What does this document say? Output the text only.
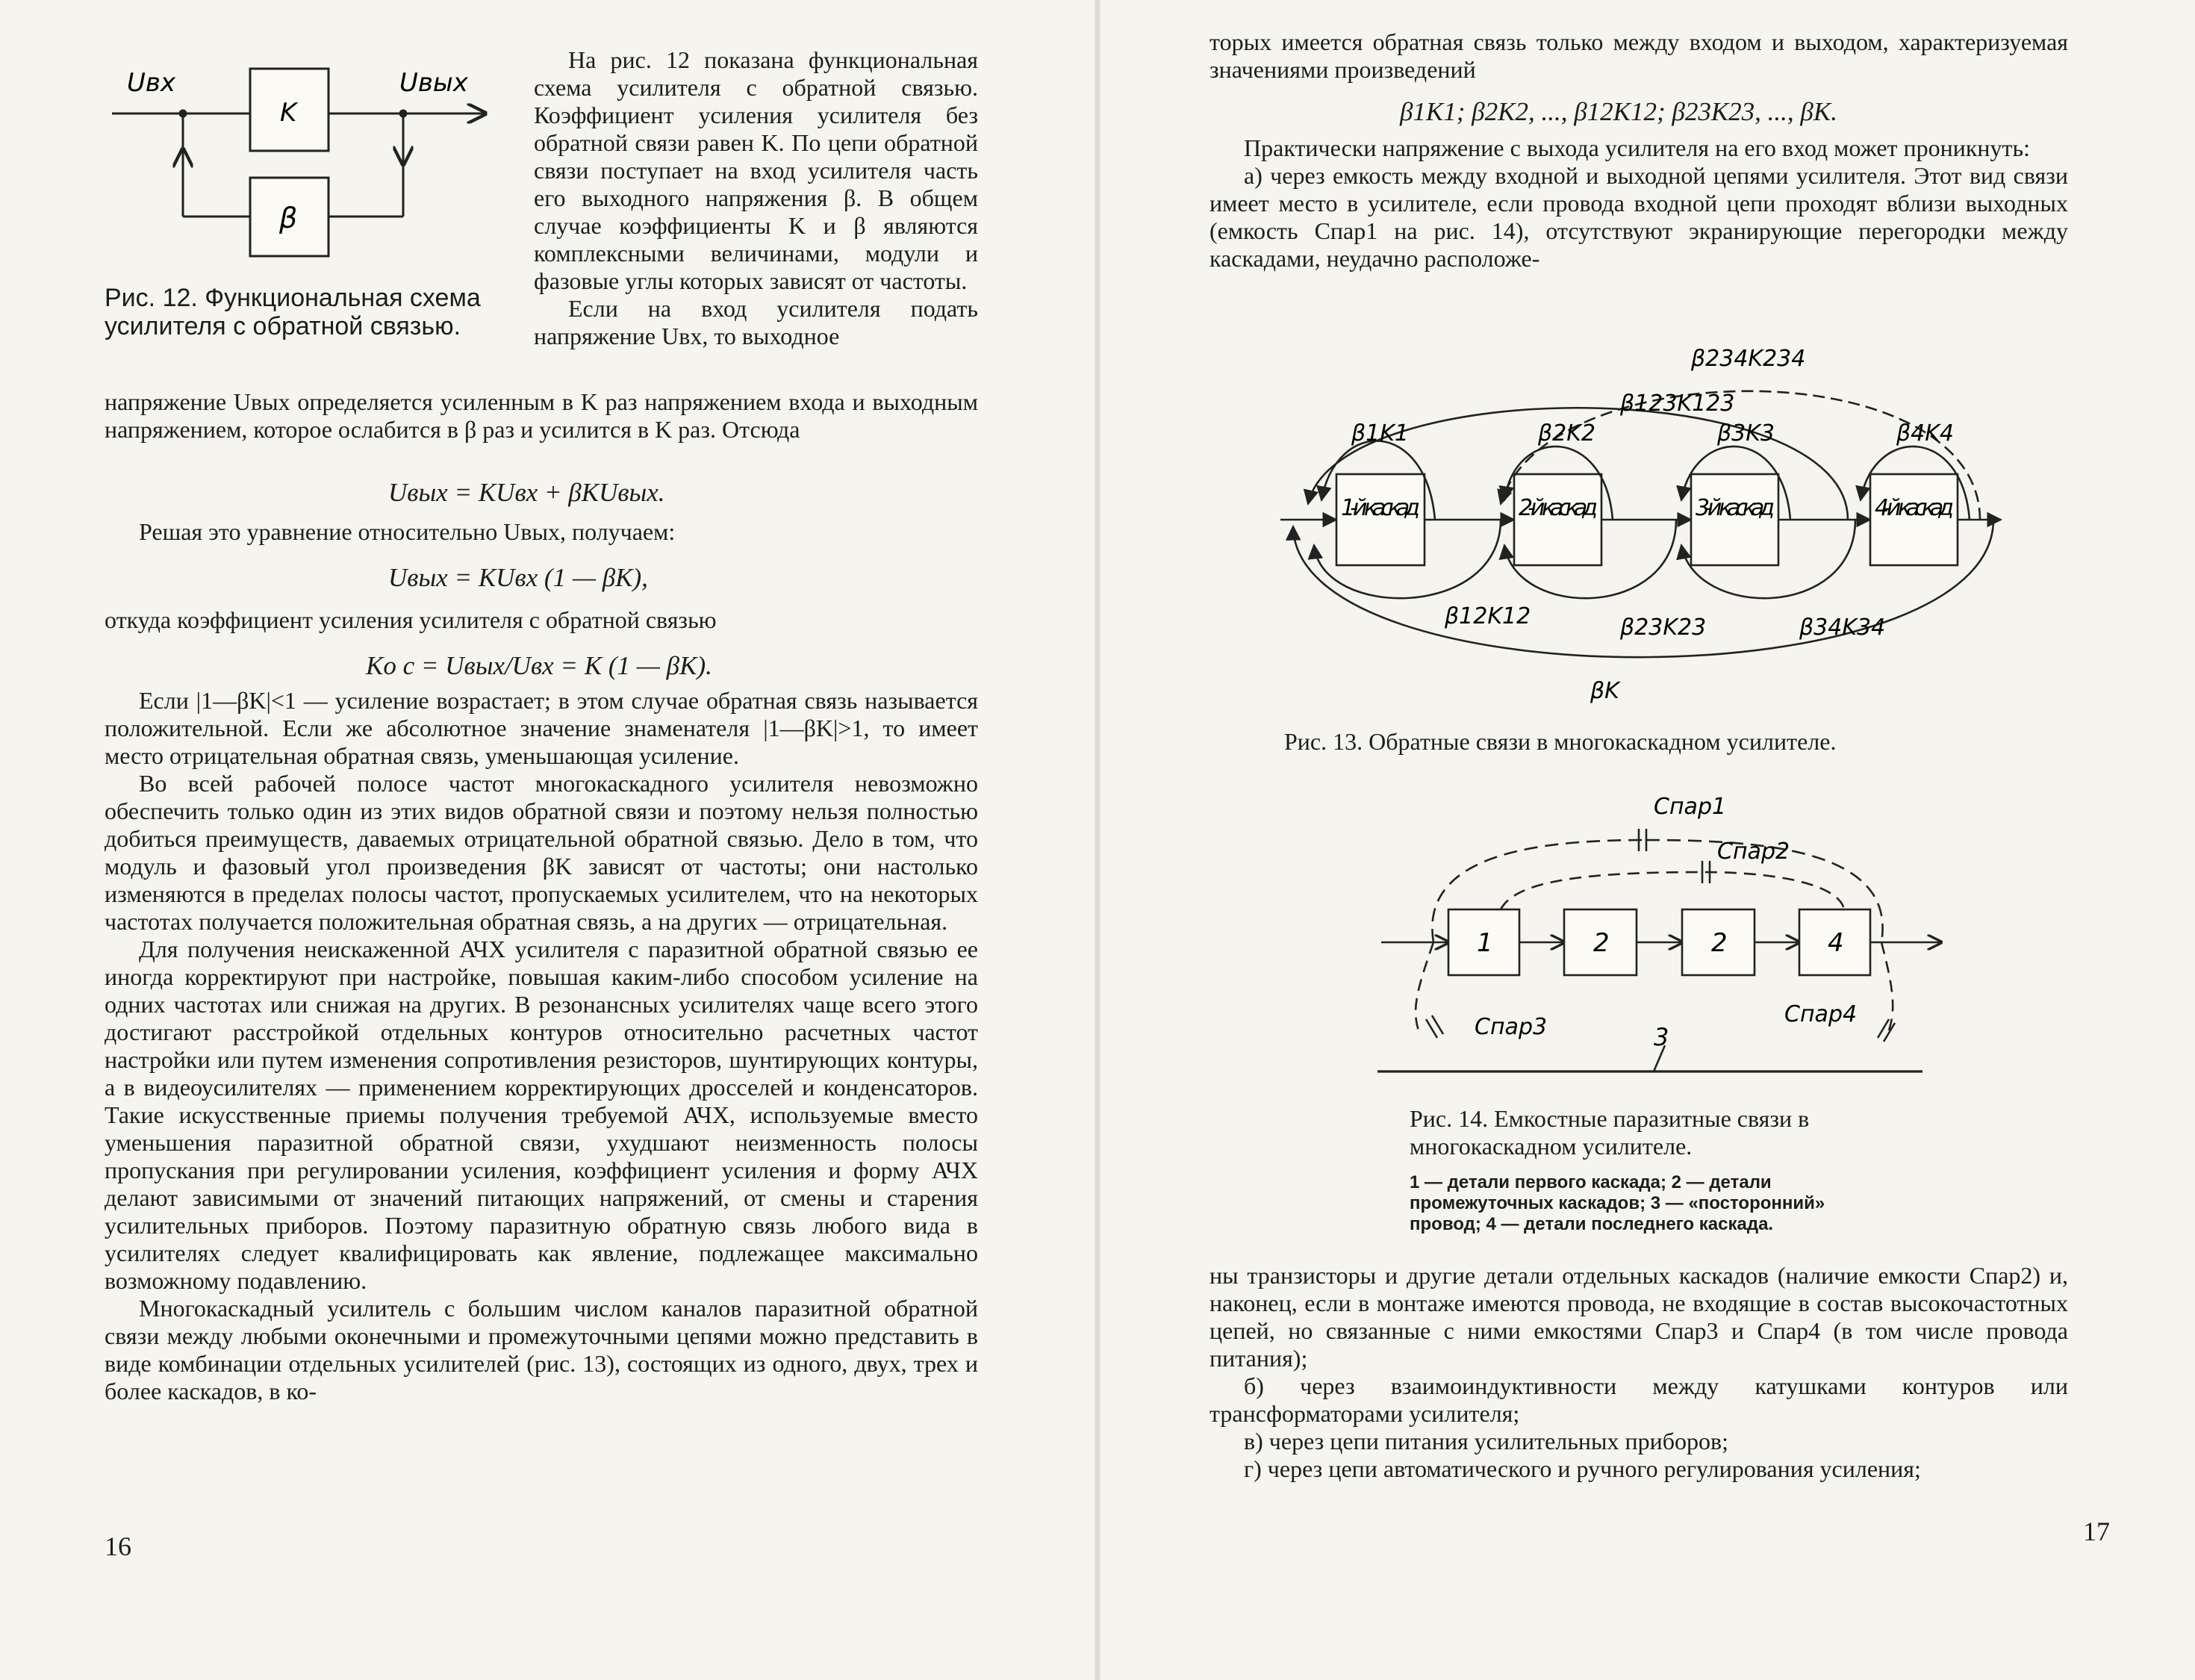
Uвх	Uвых
K
β

Рис. 12. Функциональная схема усилителя с обратной связью.

На рис. 12 показана функциональная схема усилителя с обратной связью. Коэффициент усиления усилителя без обратной связи равен K. По цепи обратной связи поступает на вход усилителя часть его выходного напряжения β. В общем случае коэффициенты K и β являются комплексными величинами, модули и фазовые углы которых зависят от частоты.

Если на вход усилителя подать напряжение Uвх, то выходное

напряжение Uвых определяется усиленным в K раз напряжением входа и выходным напряжением, которое ослабится в β раз и усилится в K раз. Отсюда

Uвых = KUвх + βKUвых.

Решая это уравнение относительно Uвых, получаем:

Uвых = KUвх (1 — βK),

откуда коэффициент усиления усилителя с обратной связью

Kо с = Uвых/Uвх = K (1 — βK).

Если |1—βK|<1 — усиление возрастает; в этом случае обратная связь называется положительной. Если же абсолютное значение знаменателя |1—βK|>1, то имеет место отрицательная обратная связь, уменьшающая усиление.

Во всей рабочей полосе частот многокаскадного усилителя невозможно обеспечить только один из этих видов обратной связи и поэтому нельзя полностью добиться преимуществ, даваемых отрицательной обратной связью. Дело в том, что модуль и фазовый угол произведения βK зависят от частоты; они настолько изменяются в пределах полосы частот, пропускаемых усилителем, что на некоторых частотах получается положительная обратная связь, а на других — отрицательная.

Для получения неискаженной АЧХ усилителя с паразитной обратной связью ее иногда корректируют при настройке, повышая каким-либо способом усиление на одних частотах или снижая на других. В резонансных усилителях чаще всего этого достигают расстройкой отдельных контуров относительно расчетных частот настройки или путем изменения сопротивления резисторов, шунтирующих контуры, а в видеоусилителях — применением корректирующих дросселей и конденсаторов. Такие искусственные приемы получения требуемой АЧХ, используемые вместо уменьшения паразитной обратной связи, ухудшают неизменность полосы пропускания при регулировании усиления, коэффициент усиления и форму АЧХ делают зависимыми от значений питающих напряжений, от смены и старения усилительных приборов. Поэтому паразитную обратную связь любого вида в усилителях следует квалифицировать как явление, подлежащее максимально возможному подавлению.

Многокаскадный усилитель с большим числом каналов паразитной обратной связи между любыми оконечными и промежуточными цепями можно представить в виде комбинации отдельных усилителей (рис. 13), состоящих из одного, двух, трех и более каскадов, в ко-

16

торых имеется обратная связь только между входом и выходом, характеризуемая значениями произведений

β1K1; β2K2, ..., β12K12; β23K23, ..., βK.

Практически напряжение с выхода усилителя на его вход может проникнуть:

а) через емкость между входной и выходной цепями усилителя. Этот вид связи имеет место в усилителе, если провода входной цепи проходят вблизи выходных (емкость Cпар1 на рис. 14), отсутствуют экранирующие перегородки между каскадами, неудачно расположе-

1-й каскад	2-й каскад	3-й каскад	4-й каскад
β1K1	β2K2	β3K3	β4K4
β123K123
β234K234
β12K12	β23K23	β34K34
βK

Рис. 13. Обратные связи в многокаскадном усилителе.

1	2	2	4
Cпар1
Cпар2
Cпар3	Cпар4
3

Рис. 14. Емкостные паразитные связи в многокаскадном усилителе.

1 — детали первого каскада; 2 — детали промежуточных каскадов; 3 — «посторонний» провод; 4 — детали последнего каскада.

ны транзисторы и другие детали отдельных каскадов (наличие емкости Cпар2) и, наконец, если в монтаже имеются провода, не входящие в состав высокочастотных цепей, но связанные с ними емкостями Cпар3 и Cпар4 (в том числе провода питания);

б) через взаимоиндуктивности между катушками контуров или трансформаторами усилителя;

в) через цепи питания усилительных приборов;

г) через цепи автоматического и ручного регулирования усиления;

17
